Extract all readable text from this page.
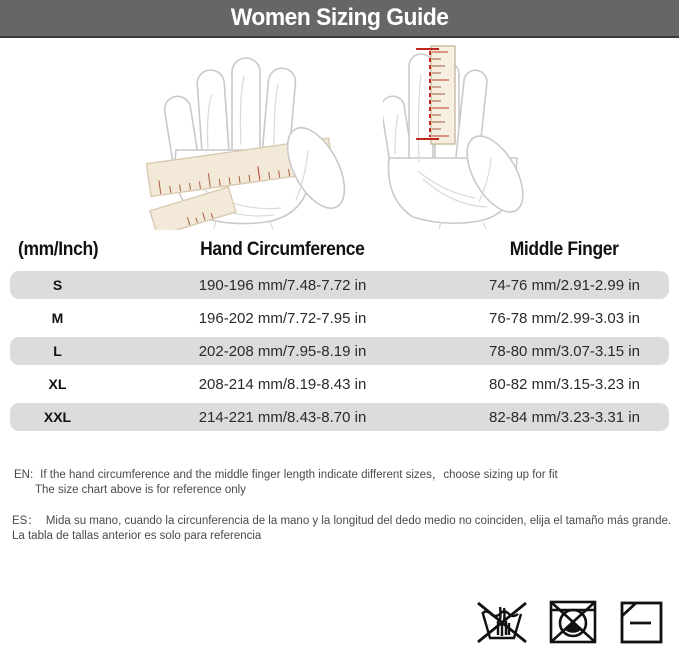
Women Sizing Guide
(mm/Inch)	Hand Circumference	Middle Finger
S	190-196 mm/7.48-7.72 in	74-76 mm/2.91-2.99 in
M	196-202 mm/7.72-7.95 in	76-78 mm/2.99-3.03 in
L	202-208 mm/7.95-8.19 in	78-80 mm/3.07-3.15 in
XL	208-214 mm/8.19-8.43 in	80-82 mm/3.15-3.23 in
XXL	214-221 mm/8.43-8.70 in	82-84 mm/3.23-3.31 in
EN: If the hand circumference and the middle finger length indicate different sizes，choose sizing up for fit
The size chart above is for reference only
ES： Mida su mano, cuando la circunferencia de la mano y la longitud del dedo medio no coinciden, elija el tamaño más grande.
La tabla de tallas anterior es solo para referencia
